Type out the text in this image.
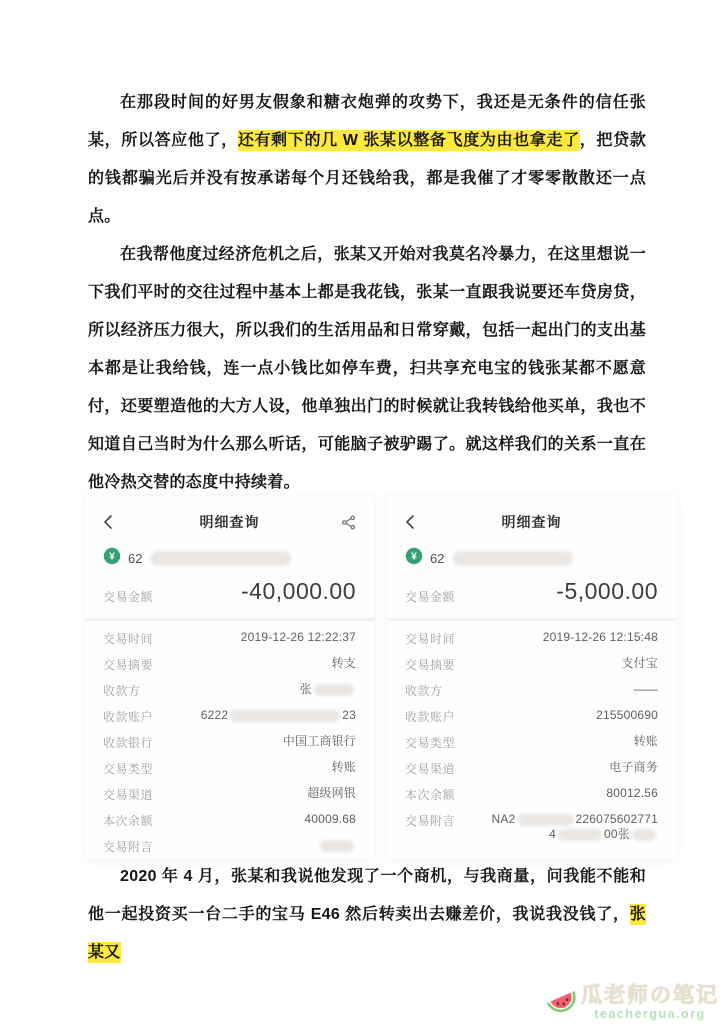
在那段时间的好男友假象和糖衣炮弹的攻势下，我还是无条件的信任张某，所以答应他了，还有剩下的几 W 张某以整备飞度为由也拿走了，把贷款的钱都骗光后并没有按承诺每个月还钱给我，都是我催了才零零散散还一点点。

在我帮他度过经济危机之后，张某又开始对我莫名冷暴力，在这里想说一下我们平时的交往过程中基本上都是我花钱，张某一直跟我说要还车贷房贷，所以经济压力很大，所以我们的生活用品和日常穿戴，包括一起出门的支出基本都是让我给钱，连一点小钱比如停车费，扫共享充电宝的钱张某都不愿意付，还要塑造他的大方人设，他单独出门的时候就让我转钱给他买单，我也不知道自己当时为什么那么听话，可能脑子被驴踢了。就这样我们的关系一直在他冷热交替的态度中持续着。

明细查询
¥ 62
交易金额	-40,000.00
交易时间	2019-12-26 12:22:37
交易摘要	转支
收款方	张
收款账户	6222	23
收款银行	中国工商银行
交易类型	转账
交易渠道	超级网银
本次余额	40009.68
交易附言
明细查询
¥ 62
交易金额	-5,000.00
交易时间	2019-12-26 12:15:48
交易摘要	支付宝
收款方	——
收款账户	215500690
交易类型	转账
交易渠道	电子商务
本次余额	80012.56
交易附言	NA2	226075602771
4	00张

2020 年 4 月，张某和我说他发现了一个商机，与我商量，问我能不能和他一起投资买一台二手的宝马 E46 然后转卖出去赚差价，我说我没钱了，张某又

瓜老师の笔记
teachergua.org
